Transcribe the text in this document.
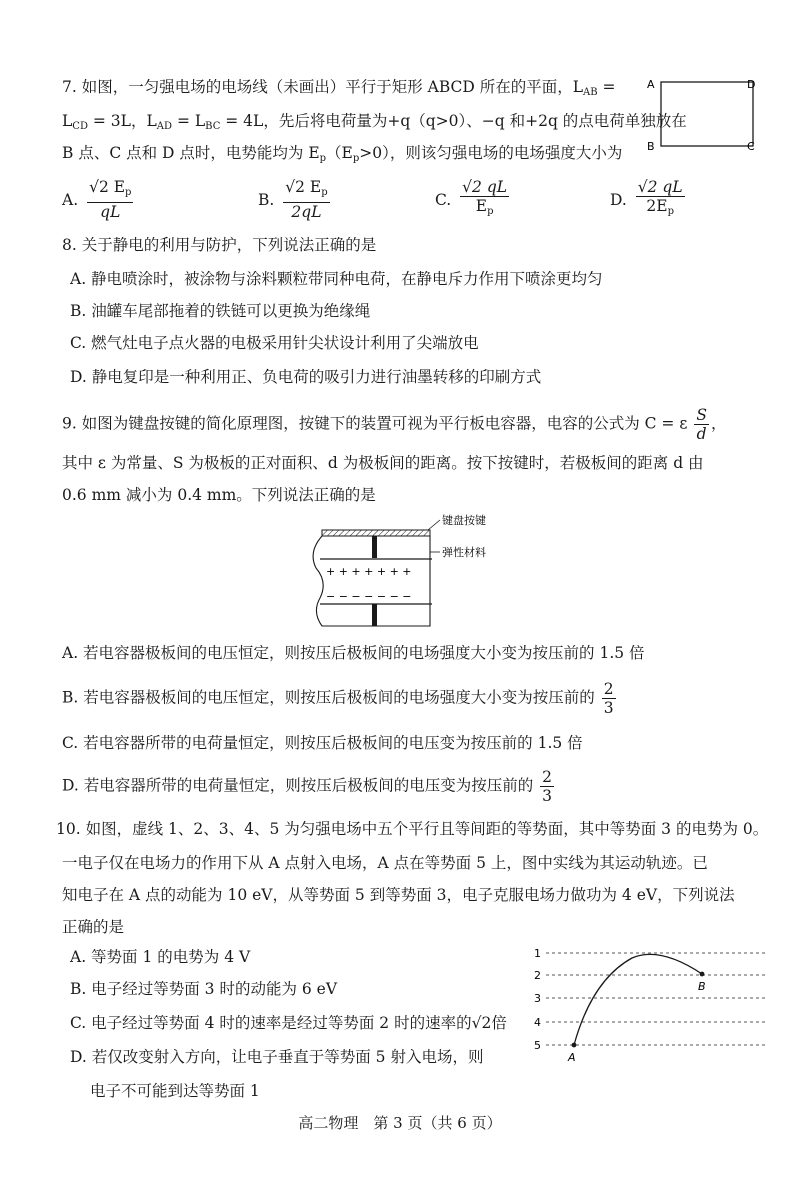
7. 如图，一匀强电场的电场线（未画出）平行于矩形 ABCD 所在的平面，$L_{AB}$ =
$L_{CD} = 3L$，$L_{AD} = L_{BC} = 4L$，先后将电荷量为+q（q>0）、−q 和+2q 的点电荷单独放在
B 点、C 点和 D 点时，电势能均为 $E_p(E_p>0)$，则该匀强电场的电场强度大小为
A	D
B	C
A. $\frac{√2 E_p}{qL}$	B. $\frac{√2 E_p}{2qL}$	C. $\frac{√2 qL}{E_p}$	D. $\frac{√2 qL}{2E_p}$
8. 关于静电的利用与防护，下列说法正确的是
A. 静电喷涂时，被涂物与涂料颗粒带同种电荷，在静电斥力作用下喷涂更均匀
B. 油罐车尾部拖着的铁链可以更换为绝缘绳
C. 燃气灶电子点火器的电极采用针尖状设计利用了尖端放电
D. 静电复印是一种利用正、负电荷的吸引力进行油墨转移的印刷方式
9. 如图为键盘按键的简化原理图，按键下的装置可视为平行板电容器，电容的公式为 C = ε $\frac{S}{d}$ ，
其中 ε 为常量、S 为极板的正对面积、d 为极板间的距离。按下按键时，若极板间的距离 d 由
0.6 mm 减小为 0.4 mm。下列说法正确的是
+ + + + + + +
− − − − − − −
键盘按键
弹性材料
A. 若电容器极板间的电压恒定，则按压后极板间的电场强度大小变为按压前的 1.5 倍
B. 若电容器极板间的电压恒定，则按压后极板间的电场强度大小变为按压前的 $\frac{2}{3}$
C. 若电容器所带的电荷量恒定，则按压后极板间的电压变为按压前的 1.5 倍
D. 若电容器所带的电荷量恒定，则按压后极板间的电压变为按压前的 $\frac{2}{3}$
10. 如图，虚线 1、2、3、4、5 为匀强电场中五个平行且等间距的等势面，其中等势面 3 的电势为 0。
一电子仅在电场力的作用下从 A 点射入电场，A 点在等势面 5 上，图中实线为其运动轨迹。已
知电子在 A 点的动能为 10 eV，从等势面 5 到等势面 3，电子克服电场力做功为 4 eV，下列说法
正确的是
A. 等势面 1 的电势为 4 V
B. 电子经过等势面 3 时的动能为 6 eV
C. 电子经过等势面 4 时的速率是经过等势面 2 时的速率的√2倍
D. 若仅改变射入方向，让电子垂直于等势面 5 射入电场，则
电子不可能到达等势面 1
1
2
3
4
5
A
B
高二物理　第 3 页（共 6 页）
